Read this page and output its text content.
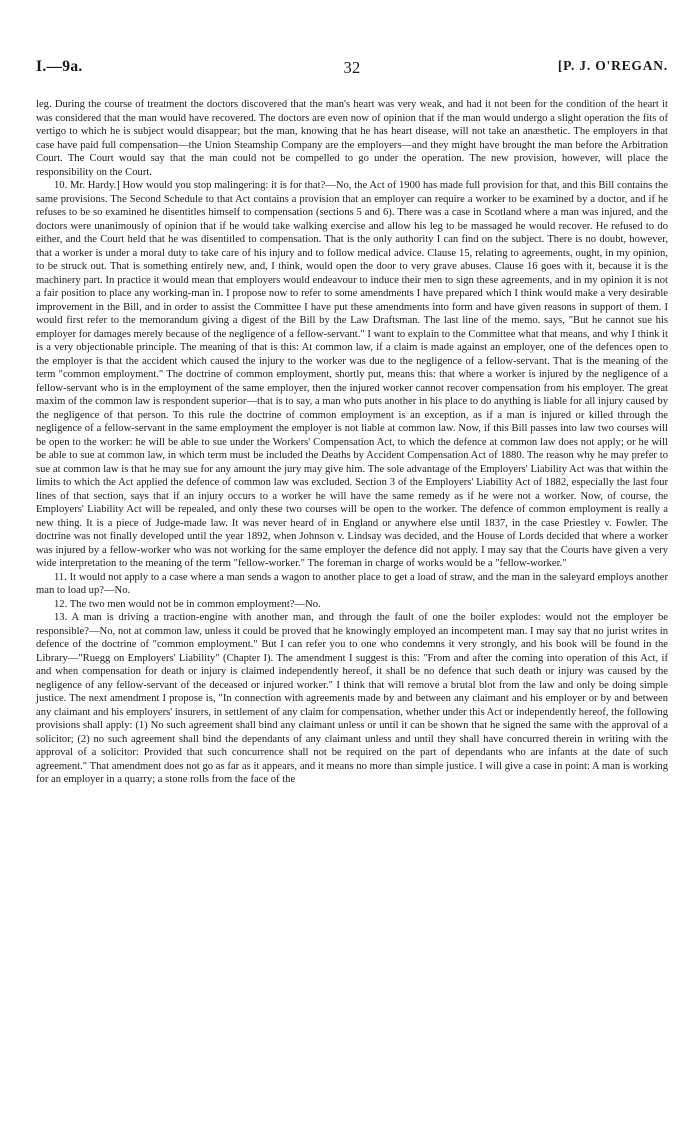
I.—9a.	32	[P. J. O'REGAN.

leg. During the course of treatment the doctors discovered that the man's heart was very weak, and had it not been for the condition of the heart it was considered that the man would have recovered. The doctors are even now of opinion that if the man would undergo a slight operation the fits of vertigo to which he is subject would disappear; but the man, knowing that he has heart disease, will not take an anæsthetic. The employers in that case have paid full compensation—the Union Steamship Company are the employers—and they might have brought the man before the Arbitration Court. The Court would say that the man could not be compelled to go under the operation. The new provision, however, will place the responsibility on the Court.

10. Mr. Hardy.] How would you stop malingering: it is for that?—No, the Act of 1900 has made full provision for that, and this Bill contains the same provisions. The Second Schedule to that Act contains a provision that an employer can require a worker to be examined by a doctor, and if he refuses to be so examined he disentitles himself to compensation (sections 5 and 6). There was a case in Scotland where a man was injured, and the doctors were unanimously of opinion that if he would take walking exercise and allow his leg to be massaged he would recover. He refused to do either, and the Court held that he was disentitled to compensation. That is the only authority I can find on the subject. There is no doubt, however, that a worker is under a moral duty to take care of his injury and to follow medical advice. Clause 15, relating to agreements, ought, in my opinion, to be struck out. That is something entirely new, and, I think, would open the door to very grave abuses. Clause 16 goes with it, because it is the machinery part. In practice it would mean that employers would endeavour to induce their men to sign these agreements, and in my opinion it is not a fair position to place any working-man in. I propose now to refer to some amendments I have prepared which I think would make a very desirable improvement in the Bill, and in order to assist the Committee I have put these amendments into form and have given reasons in support of them. I would first refer to the memorandum giving a digest of the Bill by the Law Draftsman. The last line of the memo. says, "But he cannot sue his employer for damages merely because of the negligence of a fellow-servant." I want to explain to the Committee what that means, and why I think it is a very objectionable principle. The meaning of that is this: At common law, if a claim is made against an employer, one of the defences open to the employer is that the accident which caused the injury to the worker was due to the negligence of a fellow-servant. That is the meaning of the term "common employment." The doctrine of common employment, shortly put, means this: that where a worker is injured by the negligence of a fellow-servant who is in the employment of the same employer, then the injured worker cannot recover compensation from his employer. The great maxim of the common law is respondent superior—that is to say, a man who puts another in his place to do anything is liable for all injury caused by the negligence of that person. To this rule the doctrine of common employment is an exception, as if a man is injured or killed through the negligence of a fellow-servant in the same employment the employer is not liable at common law. Now, if this Bill passes into law two courses will be open to the worker: he will be able to sue under the Workers' Compensation Act, to which the defence at common law does not apply; or he will be able to sue at common law, in which term must be included the Deaths by Accident Compensation Act of 1880. The reason why he may prefer to sue at common law is that he may sue for any amount the jury may give him. The sole advantage of the Employers' Liability Act was that within the limits to which the Act applied the defence of common law was excluded. Section 3 of the Employers' Liability Act of 1882, especially the last four lines of that section, says that if an injury occurs to a worker he will have the same remedy as if he were not a worker. Now, of course, the Employers' Liability Act will be repealed, and only these two courses will be open to the worker. The defence of common employment is really a new thing. It is a piece of Judge-made law. It was never heard of in England or anywhere else until 1837, in the case Priestley v. Fowler. The doctrine was not finally developed until the year 1892, when Johnson v. Lindsay was decided, and the House of Lords decided that where a worker was injured by a fellow-worker who was not working for the same employer the defence did not apply. I may say that the Courts have given a very wide interpretation to the meaning of the term "fellow-worker." The foreman in charge of works would be a "fellow-worker."

11. It would not apply to a case where a man sends a wagon to another place to get a load of straw, and the man in the saleyard employs another man to load up?—No.

12. The two men would not be in common employment?—No.

13. A man is driving a traction-engine with another man, and through the fault of one the boiler explodes: would not the employer be responsible?—No, not at common law, unless it could be proved that he knowingly employed an incompetent man. I may say that no jurist writes in defence of the doctrine of "common employment." But I can refer you to one who condemns it very strongly, and his book will be found in the Library—"Ruegg on Employers' Liability" (Chapter I). The amendment I suggest is this: "From and after the coming into operation of this Act, if and when compensation for death or injury is claimed independently hereof, it shall be no defence that such death or injury was caused by the negligence of any fellow-servant of the deceased or injured worker." I think that will remove a brutal blot from the law and only be doing simple justice. The next amendment I propose is, "In connection with agreements made by and between any claimant and his employer or by and between any claimant and his employers' insurers, in settlement of any claim for compensation, whether under this Act or independently hereof, the following provisions shall apply: (1) No such agreement shall bind any claimant unless or until it can be shown that he signed the same with the approval of a solicitor; (2) no such agreement shall bind the dependants of any claimant unless and until they shall have concurred therein in writing with the approval of a solicitor: Provided that such concurrence shall not be required on the part of dependants who are infants at the date of such agreement." That amendment does not go as far as it appears, and it means no more than simple justice. I will give a case in point: A man is working for an employer in a quarry; a stone rolls from the face of the
